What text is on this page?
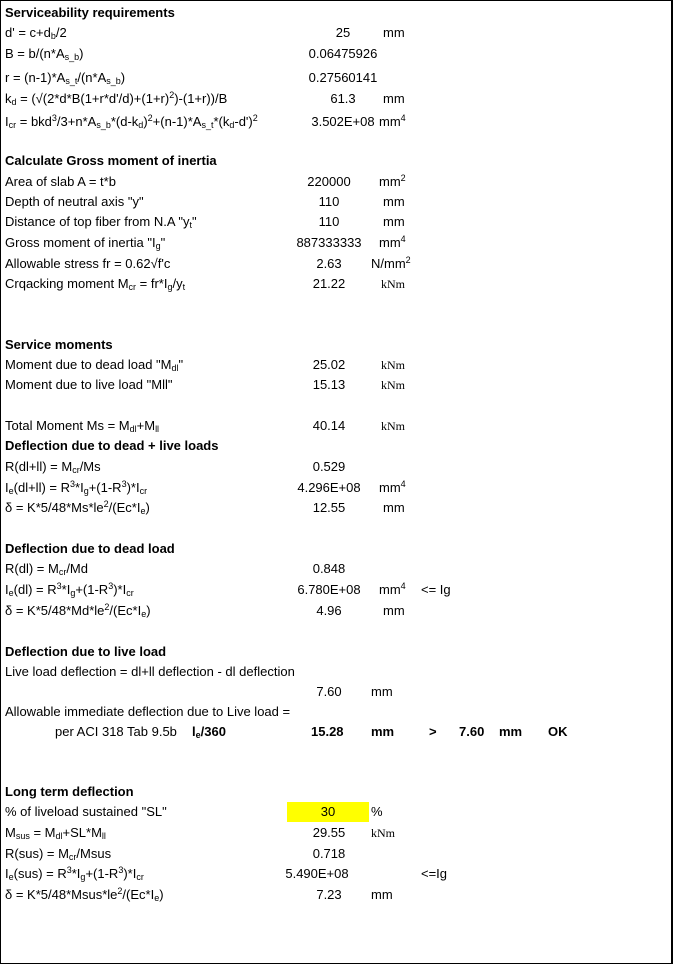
Serviceability requirements
$d' = c+d_b/2$	25	mm
$B = b/(n*A_{s\_b})$	0.06475926
$r = (n-1)*A_{s\_t}/(n*A_{s\_b})$	0.27560141
$k_d = (√(2*d*B(1+r*d'/d)+(1+r)^2)-(1+r))/B$	61.3	mm
$I_{cr} = bkd^3/3+n*A_{s\_b}*(d-k_d)^2+(n-1)*A_{s\_t}*(k_d-d')^2$	3.502E+08 $mm^4$
Calculate Gross moment of inertia
Area of slab A = t*b	220000	$mm^2$
Depth of neutral axis "y"	110	mm
Distance of top fiber from N.A "$y_t$"	110	mm
Gross moment of inertia "$I_g$"	887333333	$mm^4$
Allowable stress fr = 0.62√f'c	2.63	$N/mm^2$
Crqacking moment $M_{cr} = fr*I_g/y_t$	21.22	kNm
Service moments
Moment due to dead load "$M_{dl}$"	25.02	kNm
Moment due to live load "Mll"	15.13	kNm
Total Moment $Ms = M_{dl}+M_{ll}$	40.14	kNm
Deflection due to dead + live loads
$R(dl+ll) = M_{cr}/Ms$	0.529
$I_e(dl+ll) = R^3*I_g+(1-R^3)*I_{cr}$	4.296E+08	$mm^4$
$\delta = K*5/48*Ms*le^2/(Ec*I_e)$	12.55	mm
Deflection due to dead load
$R(dl) = M_{cr}/Md$	0.848
$I_e(dl) = R^3*I_g+(1-R^3)*I_{cr}$	6.780E+08	$mm^4 <= Ig$
$\delta = K*5/48*Md*le^2/(Ec*I_e)$	4.96	mm
Deflection due to live load
Live load deflection = dl+ll deflection - dl deflection
7.60	mm
Allowable immediate deflection due to Live load =
per ACI 318 Tab 9.5b $l_e/360$	15.28 mm	> 7.60 mm OK
Long term deflection
% of liveload sustained "SL"	30	%
$M_{sus} = M_{dl}+SL*M_{ll}$	29.55	kNm
$R(sus) = M_{cr}$/Msus	0.718
$I_e(sus) = R^3*I_g+(1-R^3)*I_{cr}$	5.490E+08	<=Ig
$\delta = K*5/48*Msus*le^2/(Ec*I_e)$	7.23	mm
